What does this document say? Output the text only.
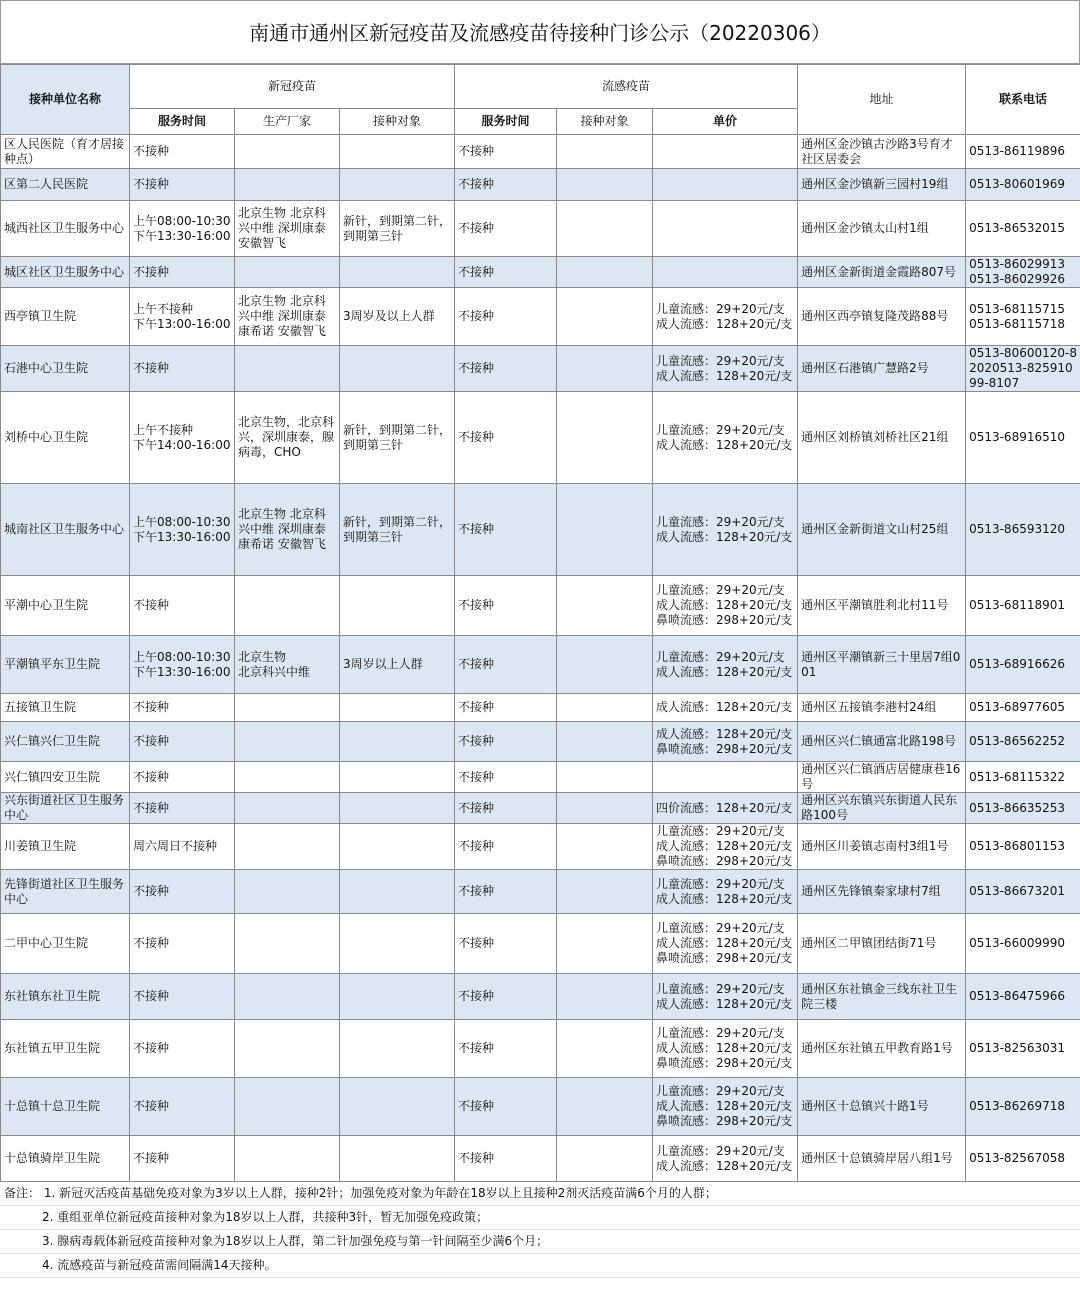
南通市通州区新冠疫苗及流感疫苗待接种门诊公示（20220306）
接种单位名称	新冠疫苗			流感疫苗			地址	联系电话
	服务时间	生产厂家	接种对象	服务时间	接种对象	单价		
区人民医院（育才居接种点）	不接种			不接种			通州区金沙镇古沙路3号育才社区居委会	0513-86119896
区第二人民医院	不接种			不接种			通州区金沙镇新三园村19组	0513-80601969
城西社区卫生服务中心	上午08:00-10:30
下午13:30-16:00	北京生物 北京科兴中维 深圳康泰 安徽智飞	新针，到期第二针，到期第三针	不接种			通州区金沙镇太山村1组	0513-86532015
城区社区卫生服务中心	不接种			不接种			通州区金新街道金霞路807号	0513-86029913
0513-86029926
西亭镇卫生院	上午不接种
下午13:00-16:00	北京生物 北京科兴中维 深圳康泰 康希诺 安徽智飞	3周岁及以上人群	不接种		儿童流感：29+20元/支
成人流感：128+20元/支	通州区西亭镇复隆茂路88号	0513-68115715
0513-68115718
石港中心卫生院	不接种			不接种		儿童流感：29+20元/支
成人流感：128+20元/支	通州区石港镇广慧路2号	0513-80600120-82020513-82591099-8107
刘桥中心卫生院	上午不接种
下午14:00-16:00	北京生物，北京科兴，深圳康泰，腺病毒，CHO	新针，到期第二针，到期第三针	不接种		儿童流感：29+20元/支
成人流感：128+20元/支	通州区刘桥镇刘桥社区21组	0513-68916510
城南社区卫生服务中心	上午08:00-10:30
下午13:30-16:00	北京生物 北京科兴中维 深圳康泰 康希诺 安徽智飞	新针，到期第二针，到期第三针	不接种		儿童流感：29+20元/支
成人流感：128+20元/支	通州区金新街道文山村25组	0513-86593120
平潮中心卫生院	不接种			不接种		儿童流感：29+20元/支
成人流感：128+20元/支
鼻喷流感：298+20元/支	通州区平潮镇胜利北村11号	0513-68118901
平潮镇平东卫生院	上午08:00-10:30
下午13:30-16:00	北京生物
北京科兴中维	3周岁以上人群	不接种		儿童流感：29+20元/支
成人流感：128+20元/支	通州区平潮镇新三十里居7组001	0513-68916626
五接镇卫生院	不接种			不接种		成人流感：128+20元/支	通州区五接镇李港村24组	0513-68977605
兴仁镇兴仁卫生院	不接种			不接种		成人流感：128+20元/支
鼻喷流感：298+20元/支	通州区兴仁镇通富北路198号	0513-86562252
兴仁镇四安卫生院	不接种			不接种			通州区兴仁镇酒店居健康巷16号	0513-68115322
兴东街道社区卫生服务中心	不接种			不接种		四价流感：128+20元/支	通州区兴东镇兴东街道人民东路100号	0513-86635253
川姜镇卫生院	周六周日不接种			不接种		儿童流感：29+20元/支
成人流感：128+20元/支
鼻喷流感：298+20元/支	通州区川姜镇志南村3组1号	0513-86801153
先锋街道社区卫生服务中心	不接种			不接种		儿童流感：29+20元/支
成人流感：128+20元/支	通州区先锋镇秦家埭村7组	0513-86673201
二甲中心卫生院	不接种			不接种		儿童流感：29+20元/支
成人流感：128+20元/支
鼻喷流感：298+20元/支	通州区二甲镇团结街71号	0513-66009990
东社镇东社卫生院	不接种			不接种		儿童流感：29+20元/支
成人流感：128+20元/支	通州区东社镇金三线东社卫生院三楼	0513-86475966
东社镇五甲卫生院	不接种			不接种		儿童流感：29+20元/支
成人流感：128+20元/支
鼻喷流感：298+20元/支	通州区东社镇五甲教育路1号	0513-82563031
十总镇十总卫生院	不接种			不接种		儿童流感：29+20元/支
成人流感：128+20元/支
鼻喷流感：298+20元/支	通州区十总镇兴十路1号	0513-86269718
十总镇骑岸卫生院	不接种			不接种		儿童流感：29+20元/支
成人流感：128+20元/支	通州区十总镇骑岸居八组1号	0513-82567058
备注： 1. 新冠灭活疫苗基础免疫对象为3岁以上人群，接种2针；加强免疫对象为年龄在18岁以上且接种2剂灭活疫苗满6个月的人群；
2. 重组亚单位新冠疫苗接种对象为18岁以上人群，共接种3针，暂无加强免疫政策；
3. 腺病毒载体新冠疫苗接种对象为18岁以上人群，第二针加强免疫与第一针间隔至少满6个月；
4. 流感疫苗与新冠疫苗需间隔满14天接种。
